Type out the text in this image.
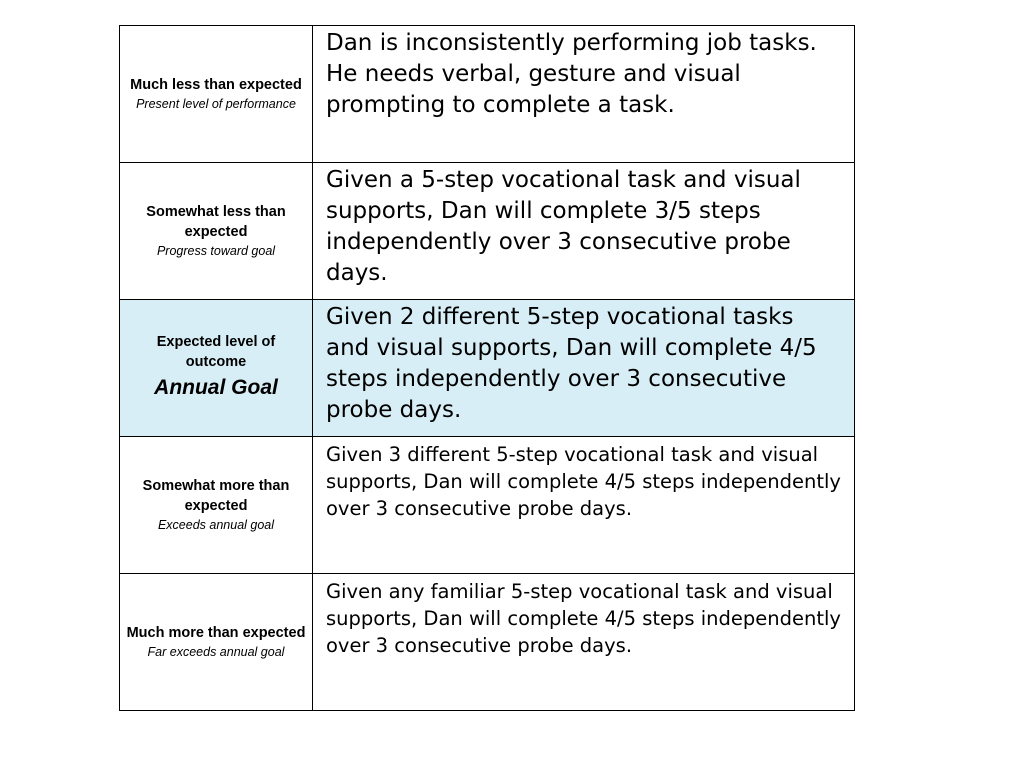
Much less than expected
Present level of performance	Dan is inconsistently performing job tasks. He needs verbal, gesture and visual prompting to complete a task.

Somewhat less than expected
Progress toward goal	Given a 5-step vocational task and visual supports, Dan will complete 3/5 steps independently over 3 consecutive probe days.

Expected level of outcome
Annual Goal	Given 2 different 5-step vocational tasks and visual supports, Dan will complete 4/5 steps independently over 3 consecutive probe days.

Somewhat more than expected
Exceeds annual goal	Given 3 different 5-step vocational task and visual supports, Dan will complete 4/5 steps independently over 3 consecutive probe days.

Much more than expected
Far exceeds annual goal	Given any familiar 5-step vocational task and visual supports, Dan will complete 4/5 steps independently over 3 consecutive probe days.
